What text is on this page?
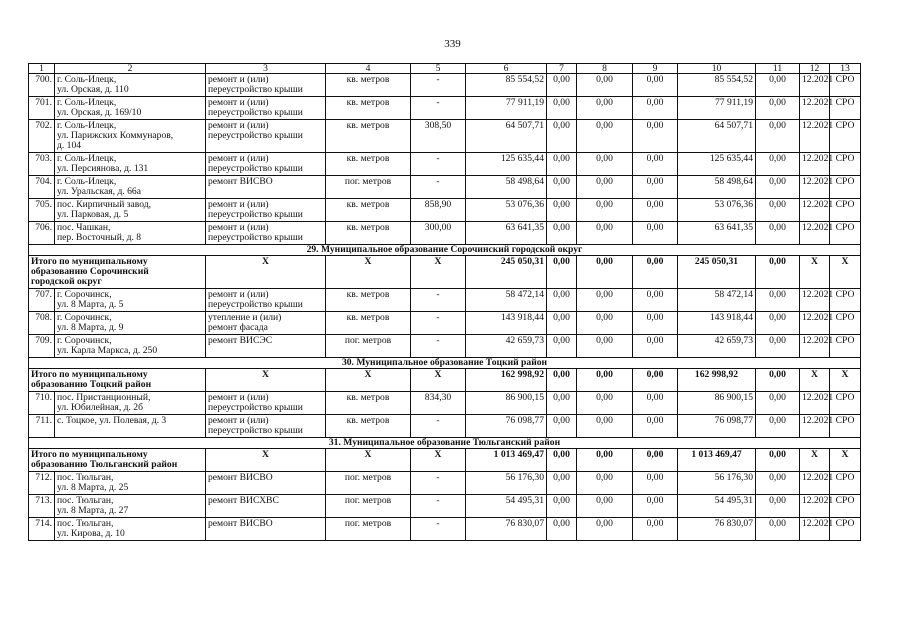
339
1	2	3	4	5	6	7	8	9	10	11	12	13
700.	г. Соль-Илецк,
ул. Орская, д. 110	ремонт и (или)
переустройство крыши	кв. метров	-	85 554,52	0,00	0,00	0,00	85 554,52	0,00	12.2021	СРО
701.	г. Соль-Илецк,
ул. Орская, д. 169/10	ремонт и (или)
переустройство крыши	кв. метров	-	77 911,19	0,00	0,00	0,00	77 911,19	0,00	12.2021	СРО
702.	г. Соль-Илецк,
ул. Парижских Коммунаров,
д. 104	ремонт и (или)
переустройство крыши	кв. метров	308,50	64 507,71	0,00	0,00	0,00	64 507,71	0,00	12.2021	СРО
703.	г. Соль-Илецк,
ул. Персиянова, д. 131	ремонт и (или)
переустройство крыши	кв. метров	-	125 635,44	0,00	0,00	0,00	125 635,44	0,00	12.2021	СРО
704.	г. Соль-Илецк,
ул. Уральская, д. 66а	ремонт ВИСВО	пог. метров	-	58 498,64	0,00	0,00	0,00	58 498,64	0,00	12.2021	СРО
705.	пос. Кирпичный завод,
ул. Парковая, д. 5	ремонт и (или)
переустройство крыши	кв. метров	858,90	53 076,36	0,00	0,00	0,00	53 076,36	0,00	12.2021	СРО
706.	пос. Чашкан,
пер. Восточный, д. 8	ремонт и (или)
переустройство крыши	кв. метров	300,00	63 641,35	0,00	0,00	0,00	63 641,35	0,00	12.2021	СРО
29. Муниципальное образование Сорочинский городской округ												

Итого по муниципальному
образованию Сорочинский
городской округ		Х	Х	Х	245 050,31	0,00	0,00	0,00	245 050,31	0,00	Х	Х
707.	г. Сорочинск,
ул. 8 Марта, д. 5	ремонт и (или)
переустройство крыши	кв. метров	-	58 472,14	0,00	0,00	0,00	58 472,14	0,00	12.2021	СРО
708.	г. Сорочинск,
ул. 8 Марта, д. 9	утепление и (или)
ремонт фасада	кв. метров	-	143 918,44	0,00	0,00	0,00	143 918,44	0,00	12.2021	СРО
709.	г. Сорочинск,
ул. Карла Маркса, д. 250	ремонт ВИСЭС	пог. метров	-	42 659,73	0,00	0,00	0,00	42 659,73	0,00	12.2021	СРО
30. Муниципальное образование Тоцкий район												

Итого по муниципальному
образованию Тоцкий район		Х	Х	Х	162 998,92	0,00	0,00	0,00	162 998,92	0,00	Х	Х
710.	пос. Пристанционный,
ул. Юбилейная, д. 2б	ремонт и (или)
переустройство крыши	кв. метров	834,30	86 900,15	0,00	0,00	0,00	86 900,15	0,00	12.2021	СРО
711.	с. Тоцкое, ул. Полевая, д. 3	ремонт и (или)
переустройство крыши	кв. метров	-	76 098,77	0,00	0,00	0,00	76 098,77	0,00	12.2021	СРО
31. Муниципальное образование Тюльганский район												

Итого по муниципальному
образованию Тюльганский район		Х	Х	Х	1 013 469,47	0,00	0,00	0,00	1 013 469,47	0,00	Х	Х
712.	пос. Тюльган,
ул. 8 Марта, д. 25	ремонт ВИСВО	пог. метров	-	56 176,30	0,00	0,00	0,00	56 176,30	0,00	12.2021	СРО
713.	пос. Тюльган,
ул. 8 Марта, д. 27	ремонт ВИСХВС	пог. метров	-	54 495,31	0,00	0,00	0,00	54 495,31	0,00	12.2021	СРО
714.	пос. Тюльган,
ул. Кирова, д. 10	ремонт ВИСВО	пог. метров	-	76 830,07	0,00	0,00	0,00	76 830,07	0,00	12.2021	СРО
